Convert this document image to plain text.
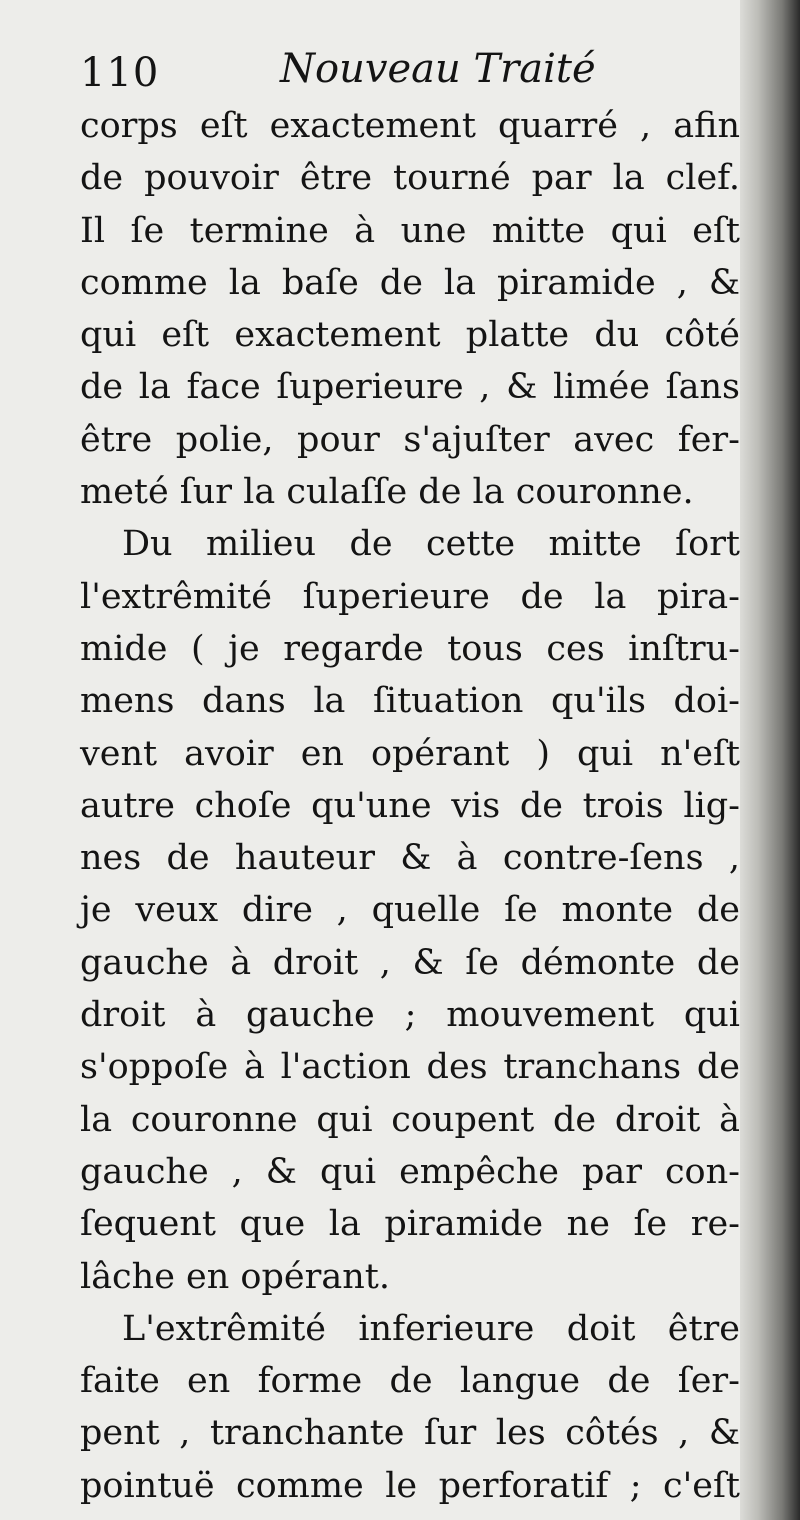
110	Nouveau Traité
corps eſt exactement quarré , afin
de pouvoir être tourné par la clef.
Il ſe termine à une mitte qui eſt
comme la baſe de la piramide , &
qui eſt exactement platte du côté
de la face ſuperieure , & limée ſans
être polie, pour s'ajuſter avec fer-
meté ſur la culaſſe de la couronne.
Du milieu de cette mitte ſort
l'extrêmité ſuperieure de la pira-
mide ( je regarde tous ces inſtru-
mens dans la ſituation qu'ils doi-
vent avoir en opérant ) qui n'eſt
autre choſe qu'une vis de trois lig-
nes de hauteur & à contre-ſens ,
je veux dire , quelle ſe monte de
gauche à droit , & ſe démonte de
droit à gauche ; mouvement qui
s'oppoſe à l'action des tranchans de
la couronne qui coupent de droit à
gauche , & qui empêche par con-
ſequent que la piramide ne ſe re-
lâche en opérant.
L'extrêmité inferieure doit être
faite en forme de langue de ſer-
pent , tranchante ſur les côtés , &
pointuë comme le perforatif ; c'eſt
